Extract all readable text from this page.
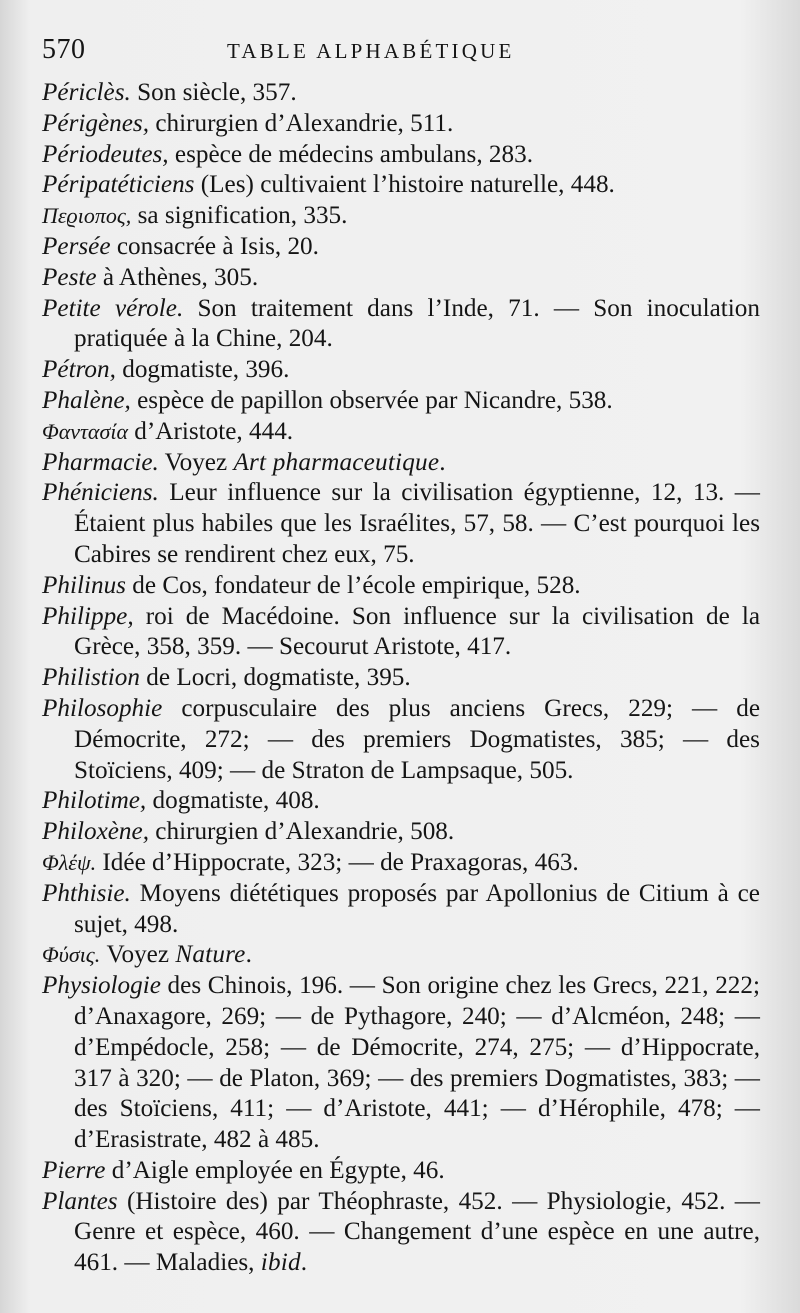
570	TABLE ALPHABÉTIQUE

Périclès. Son siècle, 357.

Périgènes, chirurgien d’Alexandrie, 511.

Périodeutes, espèce de médecins ambulans, 283.

Péripatéticiens (Les) cultivaient l’histoire naturelle, 448.

Πεϱιοπος, sa signification, 335.

Persée consacrée à Isis, 20.

Peste à Athènes, 305.

Petite vérole. Son traitement dans l’Inde, 71. — Son inoculation pratiquée à la Chine, 204.

Pétron, dogmatiste, 396.

Phalène, espèce de papillon observée par Nicandre, 538.

Φαντασία d’Aristote, 444.

Pharmacie. Voyez Art pharmaceutique.

Phéniciens. Leur influence sur la civilisation égyptienne, 12, 13. — Étaient plus habiles que les Israélites, 57, 58. — C’est pourquoi les Cabires se rendirent chez eux, 75.

Philinus de Cos, fondateur de l’école empirique, 528.

Philippe, roi de Macédoine. Son influence sur la civilisation de la Grèce, 358, 359. — Secourut Aristote, 417.

Philistion de Locri, dogmatiste, 395.

Philosophie corpusculaire des plus anciens Grecs, 229; — de Démocrite, 272; — des premiers Dogmatistes, 385; — des Stoïciens, 409; — de Straton de Lampsaque, 505.

Philotime, dogmatiste, 408.

Philoxène, chirurgien d’Alexandrie, 508.

Φλέψ. Idée d’Hippocrate, 323; — de Praxagoras, 463.

Phthisie. Moyens diététiques proposés par Apollonius de Citium à ce sujet, 498.

Φύσις. Voyez Nature.

Physiologie des Chinois, 196. — Son origine chez les Grecs, 221, 222; d’Anaxagore, 269; — de Pythagore, 240; — d’Alcméon, 248; — d’Empédocle, 258; — de Démocrite, 274, 275; — d’Hippocrate, 317 à 320; — de Platon, 369; — des premiers Dogmatistes, 383; — des Stoïciens, 411; — d’Aristote, 441; — d’Hérophile, 478; — d’Erasistrate, 482 à 485.

Pierre d’Aigle employée en Égypte, 46.

Plantes (Histoire des) par Théophraste, 452. — Physiologie, 452. — Genre et espèce, 460. — Changement d’une espèce en une autre, 461. — Maladies, ibid.
